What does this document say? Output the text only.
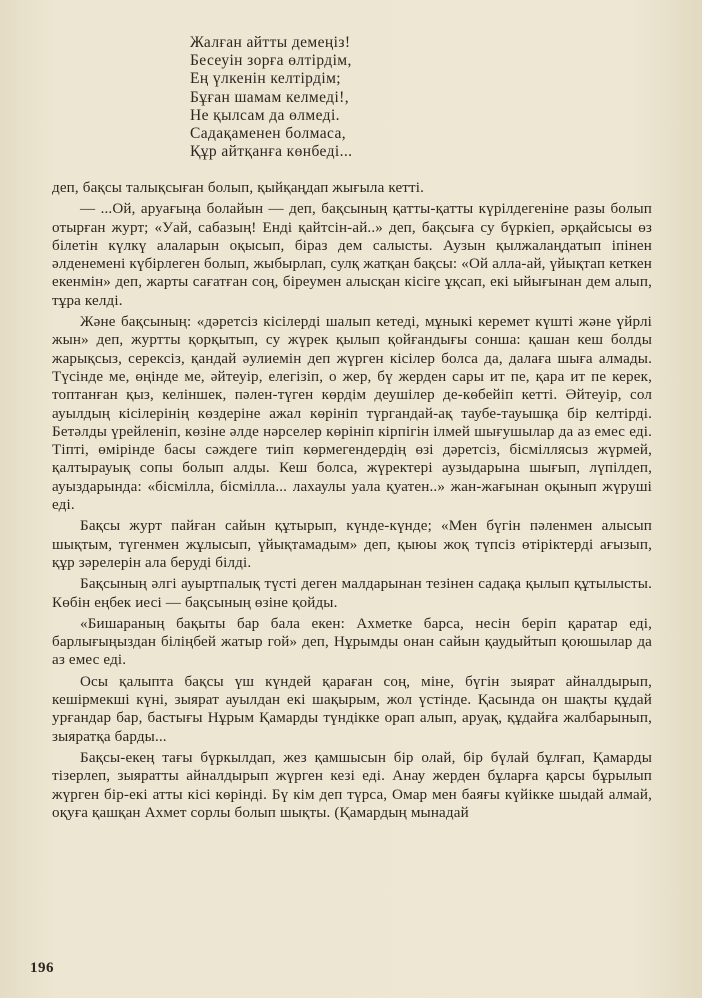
Жалған айтты демеңіз!
Бесеуін зорға өлтірдім,
Ең үлкенін келтірдім;
Бұған шамам келмеді!,
Не қылсам да өлмеді.
Садақаменен болмаса,
Құр айтқанға көнбеді...

деп, бақсы талықсыған болып, қыйқаңдап жығыла кетті.

— ...Ой, аруағыңа болайын — деп, бақсының қатты-қатты күрілдегеніне разы болып отырған журт; «Уай, сабазың! Енді қайтсін-ай..» деп, бақсыға су бүркіеп, әрқайсысы өз білетін күлкү алаларын оқысып, біраз дем салысты. Аузын қылжалаңдатып іпінен әлденемені күбірлеген болып, жыбырлап, сулқ жатқан бақсы: «Ой алла-ай, үйықтап кеткен екенмін» деп, жарты сағатған соң, біреумен алысқан кісіге ұқсап, екі ыйығынан дем алып, тұра келді.

Және бақсының: «дәретсіз кісілерді шалып кетеді, мұныкі керемет күшті және үйрлі жын» деп, журтты қорқытып, су жүрек қылып қойғандығы сонша: қашан кеш болды жарықсыз, серексіз, қандай әулиемін деп жүрген кісілер болса да, далаға шыға алмады. Түсінде ме, өңінде ме, әйтеуір, елегізіп, о жер, бү жерден сары ит пе, қара ит пе керек, топтанған қыз, келіншек, пәлен-түген көрдім деушілер де-көбейіп кетті. Әйтеуір, сол ауылдың кісілерінің көздеріне ажал көрініп түргандай-ақ таубе-тауышқа бір келтірді. Бетәлды үрейленіп, көзіне әлде нәрселер көрініп кірпігін ілмей шығушылар да аз емес еді. Тіпті, өмірінде басы сәждеге тиіп көрмегендердің өзі дәретсіз, бісміллясыз жүрмей, қалтырауық сопы болып алды. Кеш болса, жүректері аузыдарына шығып, лүпілдеп, ауыздарында: «бісмілла, бісмілла... лахаулы уала қуатен..» жан-жағынан оқынып жүруші еді.

Бақсы журт пайған сайын құтырып, күнде-күнде; «Мен бүгін пәленмен алысып шықтым, түгенмен жұлысып, үйықтамадым» деп, қыюы жоқ түпсіз өтіріктерді ағызып, құр зәрелерін ала беруді білді.

Бақсының әлгі ауыртпалық түсті деген малдарынан тезінен садақа қылып құтылысты. Көбін еңбек иесі — бақсының өзіне қойды.

«Бишараның бақыты бар бала екен: Ахметке барса, несін беріп қаратар еді, барлығыңыздан біліңбей жатыр гой» деп, Нұрымды онан сайын қаудыйтып қоюшылар да аз емес еді.

Осы қалыпта бақсы үш күндей қараған соң, міне, бүгін зыярат айналдырып, кешірмекші күні, зыярат ауылдан екі шақырым, жол үстінде. Қасында он шақты құдай урғандар бар, бастығы Нұрым Қамарды түндікке орап алып, аруақ, құдайға жалбарынып, зыяратқа барды...

Бақсы-екең тағы бүркылдап, жез қамшысын бір олай, бір бүлай бұлғап, Қамарды тізерлеп, зыяратты айналдырып жүрген кезі еді. Анау жерден бұларға қарсы бұрылып жүрген бір-екі атты кісі көрінді. Бү кім деп түрса, Омар мен баяғы күйікке шыдай алмай, оқуға қашқан Ахмет сорлы болып шықты. (Қамардың мынадай

196
